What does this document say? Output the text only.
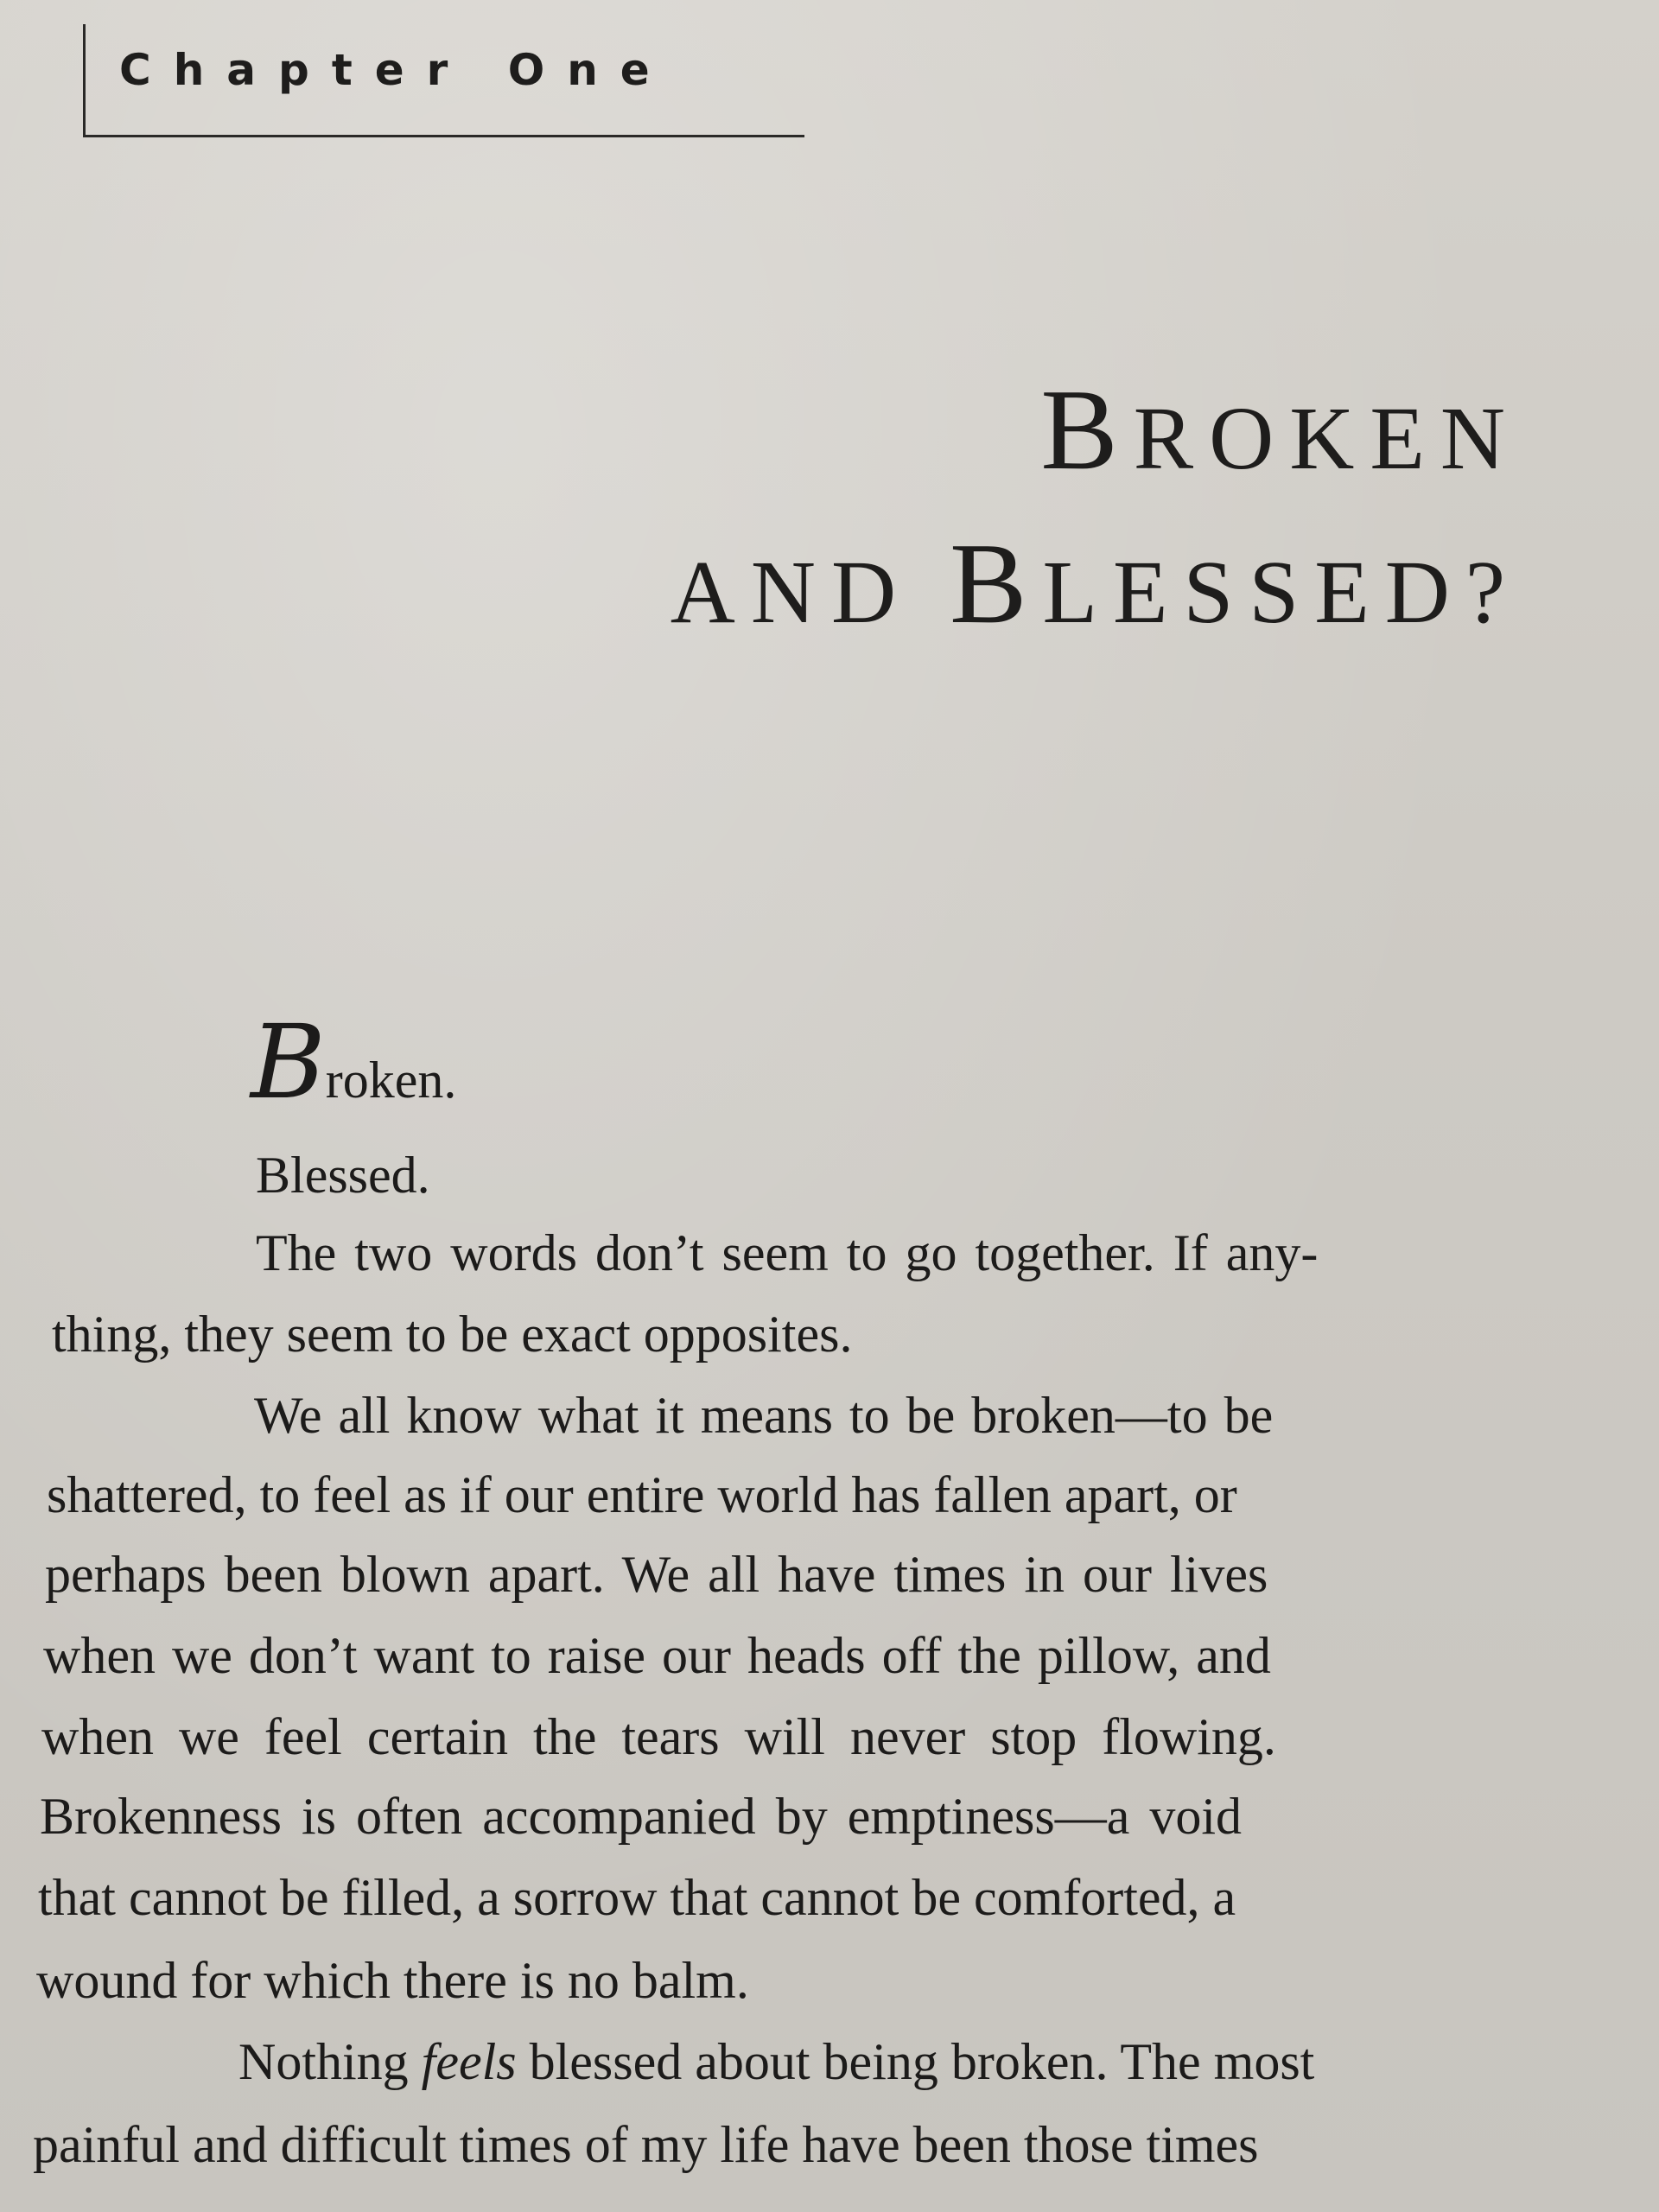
Chapter One
BROKEN
AND BLESSED?
Broken.
Blessed.
The two words don’t seem to go together. If any-
thing, they seem to be exact opposites.
We all know what it means to be broken—to be
shattered, to feel as if our entire world has fallen apart, or
perhaps been blown apart. We all have times in our lives
when we don’t want to raise our heads off the pillow, and
when we feel certain the tears will never stop flowing.
Brokenness is often accompanied by emptiness—a void
that cannot be filled, a sorrow that cannot be comforted, a
wound for which there is no balm.
Nothing feels blessed about being broken. The most
painful and difficult times of my life have been those times
